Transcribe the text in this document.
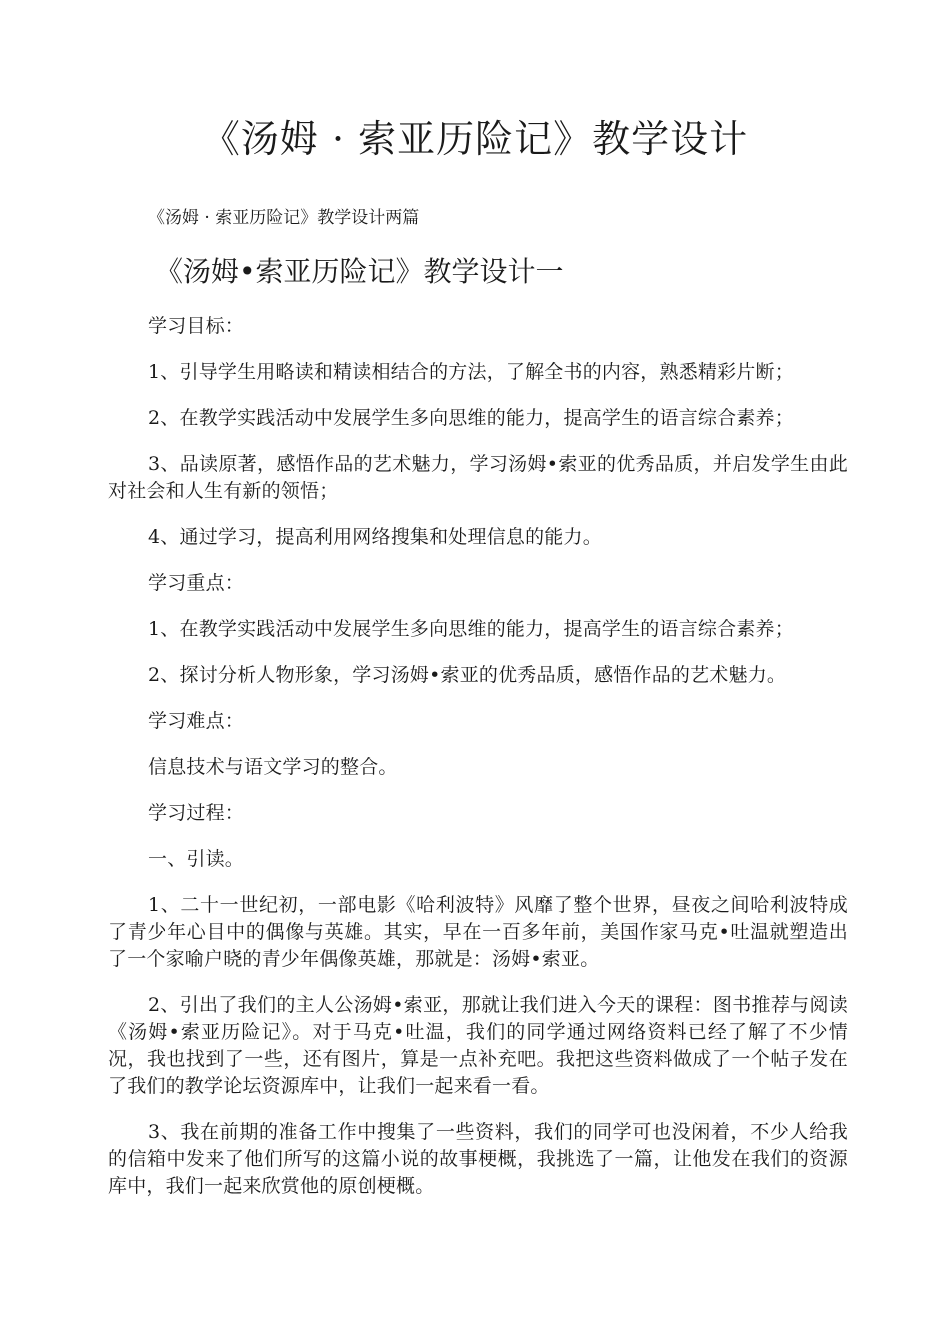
《汤姆 · 索亚历险记》教学设计

《汤姆 · 索亚历险记》教学设计两篇

《汤姆•索亚历险记》教学设计一

学习目标：

1、引导学生用略读和精读相结合的方法，了解全书的内容，熟悉精彩片断；

2、在教学实践活动中发展学生多向思维的能力，提高学生的语言综合素养；

3、品读原著，感悟作品的艺术魅力，学习汤姆•索亚的优秀品质，并启发学生由此对社会和人生有新的领悟；

4、通过学习，提高利用网络搜集和处理信息的能力。

学习重点：

1、在教学实践活动中发展学生多向思维的能力，提高学生的语言综合素养；

2、探讨分析人物形象，学习汤姆•索亚的优秀品质，感悟作品的艺术魅力。

学习难点：

信息技术与语文学习的整合。

学习过程：

一、引读。

1、二十一世纪初，一部电影《哈利波特》风靡了整个世界，昼夜之间哈利波特成了青少年心目中的偶像与英雄。其实，早在一百多年前，美国作家马克•吐温就塑造出了一个家喻户晓的青少年偶像英雄，那就是：汤姆•索亚。

2、引出了我们的主人公汤姆•索亚，那就让我们进入今天的课程：图书推荐与阅读《汤姆•索亚历险记》。对于马克•吐温，我们的同学通过网络资料已经了解了不少情况，我也找到了一些，还有图片，算是一点补充吧。我把这些资料做成了一个帖子发在了我们的教学论坛资源库中，让我们一起来看一看。

3、我在前期的准备工作中搜集了一些资料，我们的同学可也没闲着，不少人给我的信箱中发来了他们所写的这篇小说的故事梗概，我挑选了一篇，让他发在我们的资源库中，我们一起来欣赏他的原创梗概。
